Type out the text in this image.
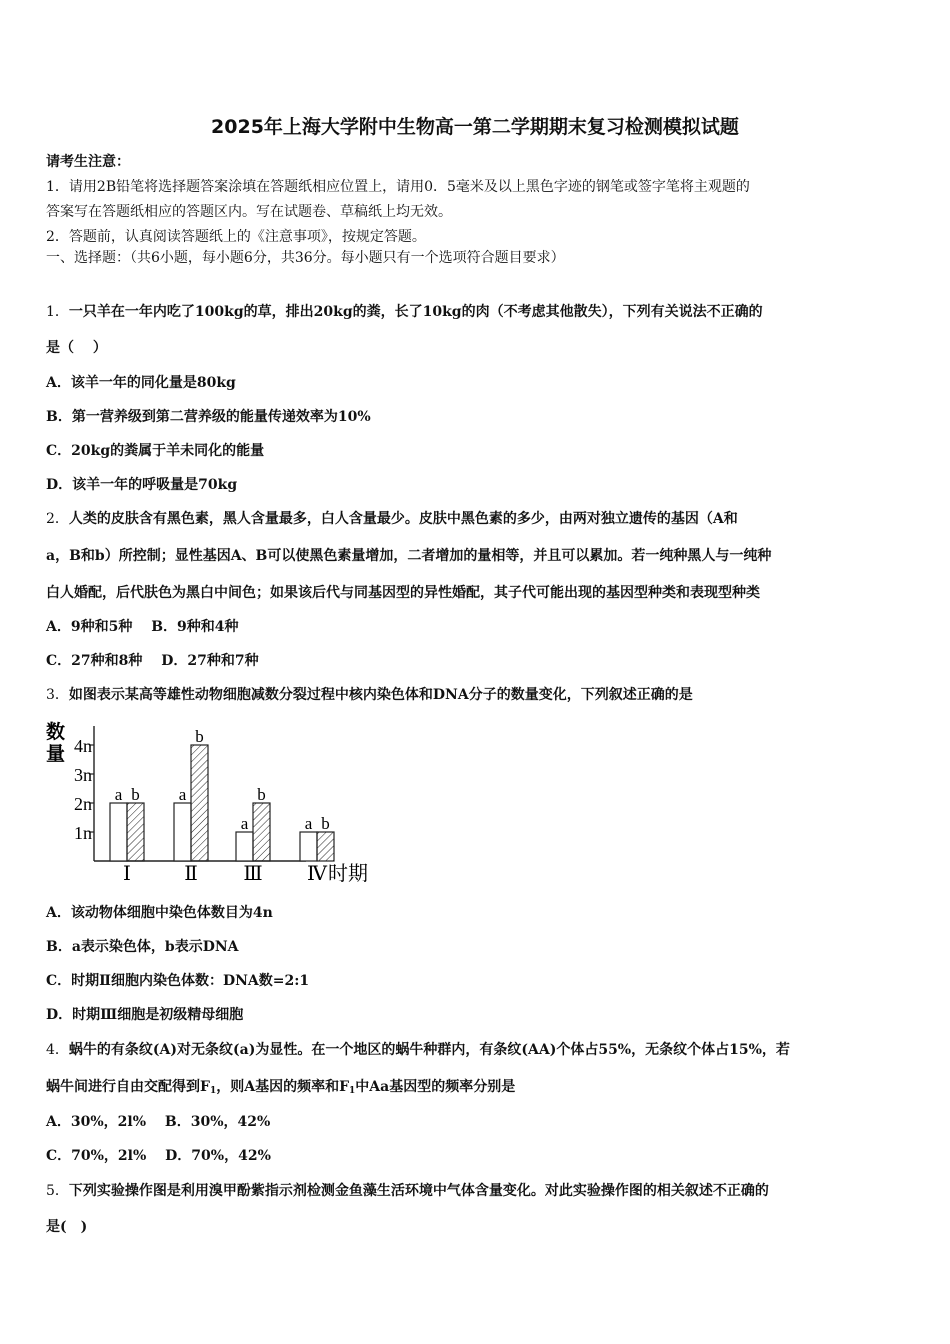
2025年上海大学附中生物高一第二学期期末复习检测模拟试题
请考生注意：
1．请用2B铅笔将选择题答案涂填在答题纸相应位置上，请用0．5毫米及以上黑色字迹的钢笔或签字笔将主观题的
答案写在答题纸相应的答题区内。写在试题卷、草稿纸上均无效。
2．答题前，认真阅读答题纸上的《注意事项》，按规定答题。
一、选择题：（共6小题，每小题6分，共36分。每小题只有一个选项符合题目要求）
1．一只羊在一年内吃了100kg的草，排出20kg的粪，长了10kg的肉（不考虑其他散失），下列有关说法不正确的
是（　 ）
A．该羊一年的同化量是80kg
B．第一营养级到第二营养级的能量传递效率为10%
C．20kg的粪属于羊未同化的能量
D．该羊一年的呼吸量是70kg
2．人类的皮肤含有黑色素，黑人含量最多，白人含量最少。皮肤中黑色素的多少，由两对独立遗传的基因（A和
a，B和b）所控制；显性基因A、B可以使黑色素量增加，二者增加的量相等，并且可以累加。若一纯种黑人与一纯种
白人婚配，后代肤色为黑白中间色；如果该后代与同基因型的异性婚配，其子代可能出现的基因型种类和表现型种类
A．9种和5种　 B．9种和4种
C．27种和8种　 D．27种和7种
3．如图表示某高等雄性动物细胞减数分裂过程中核内染色体和DNA分子的数量变化，下列叙述正确的是
数
量
1n
2n
3n
4n
a b
Ⅰ
a
b
Ⅱ
a
b
Ⅲ
a b
Ⅳ 时期
A．该动物体细胞中染色体数目为4n
B．a表示染色体，b表示DNA
C．时期Ⅱ细胞内染色体数：DNA数=2:1
D．时期Ⅲ细胞是初级精母细胞
4．蜗牛的有条纹(A)对无条纹(a)为显性。在一个地区的蜗牛种群内，有条纹(AA)个体占55%，无条纹个体占15%，若
蜗牛间进行自由交配得到$F_1$，则A基因的频率和$F_1$中Aa基因型的频率分别是
A．30%，2l%　 B．30%，42%
C．70%，2l%　 D．70%，42%
5．下列实验操作图是利用溴甲酚紫指示剂检测金鱼藻生活环境中气体含量变化。对此实验操作图的相关叙述不正确的
是(　)
